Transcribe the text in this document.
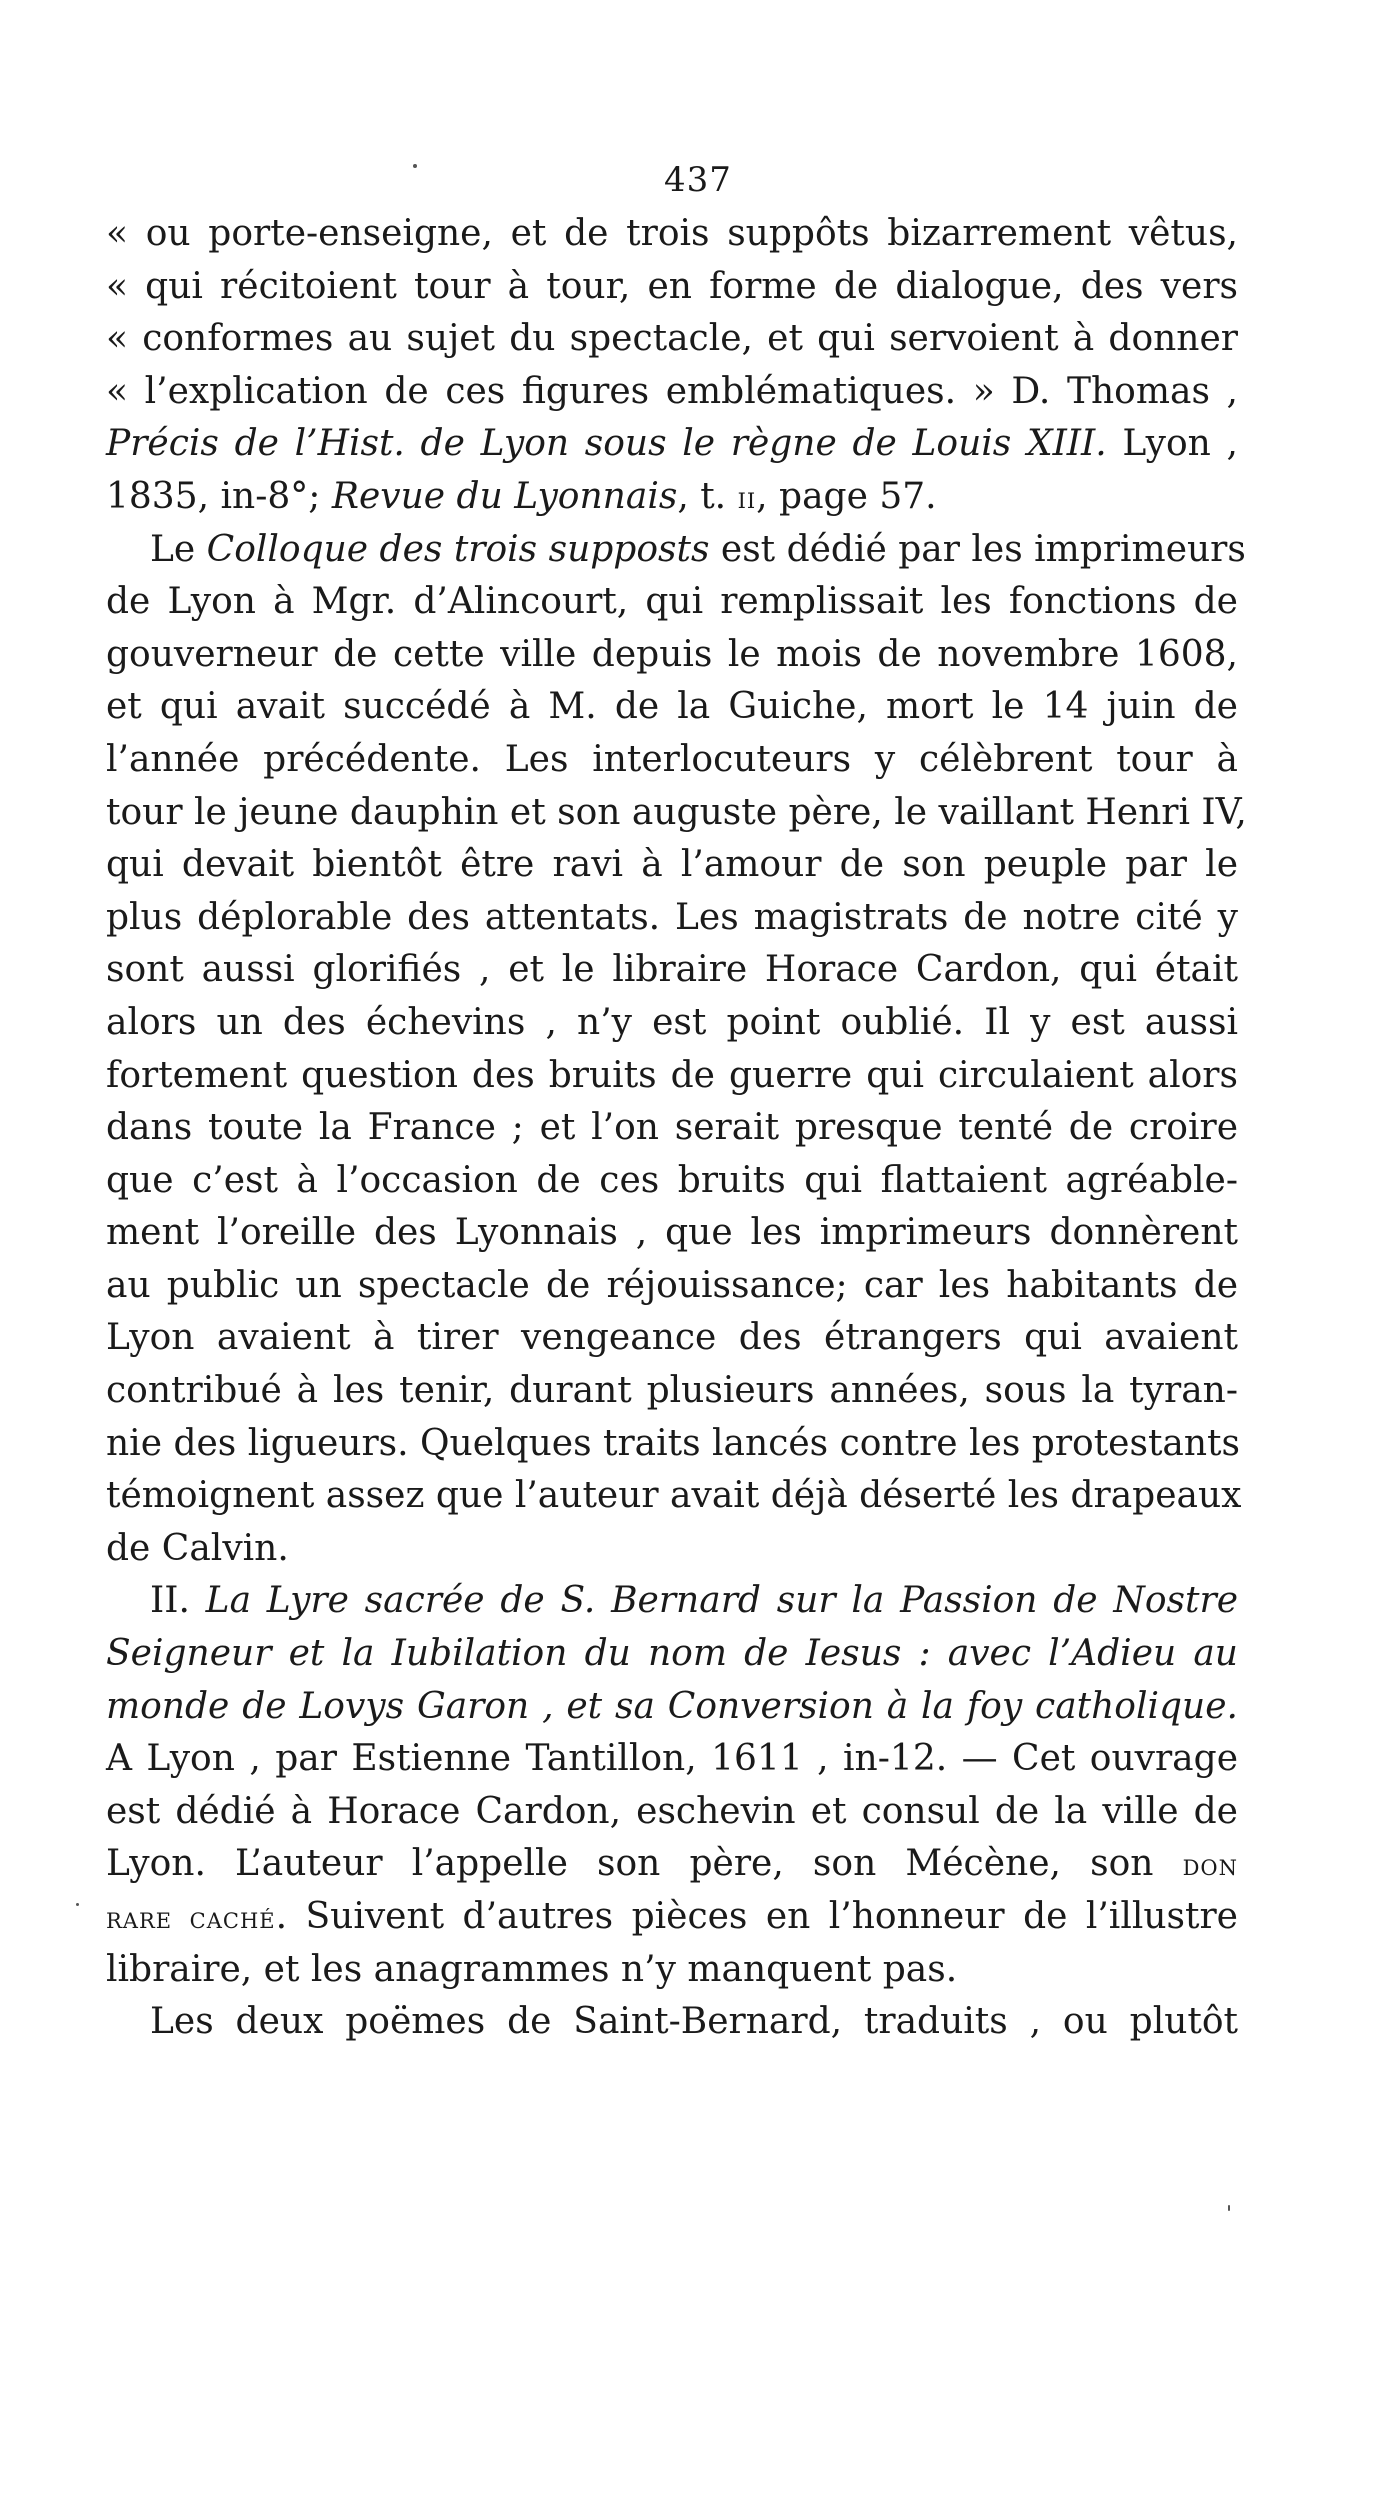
437
« ou porte-enseigne, et de trois suppôts bizarrement vêtus,
« qui récitoient tour à tour, en forme de dialogue, des vers
« conformes au sujet du spectacle, et qui servoient à donner
« l’explication de ces figures emblématiques. » D. Thomas ,
Précis de l’Hist. de Lyon sous le règne de Louis XIII. Lyon ,
1835, in-8°; Revue du Lyonnais, t. ii, page 57.
Le Colloque des trois supposts est dédié par les imprimeurs
de Lyon à Mgr. d’Alincourt, qui remplissait les fonctions de
gouverneur de cette ville depuis le mois de novembre 1608,
et qui avait succédé à M. de la Guiche, mort le 14 juin de
l’année précédente. Les interlocuteurs y célèbrent tour à
tour le jeune dauphin et son auguste père, le vaillant Henri IV,
qui devait bientôt être ravi à l’amour de son peuple par le
plus déplorable des attentats. Les magistrats de notre cité y
sont aussi glorifiés , et le libraire Horace Cardon, qui était
alors un des échevins , n’y est point oublié. Il y est aussi
fortement question des bruits de guerre qui circulaient alors
dans toute la France ; et l’on serait presque tenté de croire
que c’est à l’occasion de ces bruits qui flattaient agréable-
ment l’oreille des Lyonnais , que les imprimeurs donnèrent
au public un spectacle de réjouissance; car les habitants de
Lyon avaient à tirer vengeance des étrangers qui avaient
contribué à les tenir, durant plusieurs années, sous la tyran-
nie des ligueurs. Quelques traits lancés contre les protestants
témoignent assez que l’auteur avait déjà déserté les drapeaux
de Calvin.
II. La Lyre sacrée de S. Bernard sur la Passion de Nostre
Seigneur et la Iubilation du nom de Iesus : avec l’Adieu au
monde de Lovys Garon , et sa Conversion à la foy catholique.
A Lyon , par Estienne Tantillon, 1611 , in-12. — Cet ouvrage
est dédié à Horace Cardon, eschevin et consul de la ville de
Lyon. L’auteur l’appelle son père, son Mécène, son don
rare caché. Suivent d’autres pièces en l’honneur de l’illustre
libraire, et les anagrammes n’y manquent pas.
Les deux poëmes de Saint-Bernard, traduits , ou plutôt
